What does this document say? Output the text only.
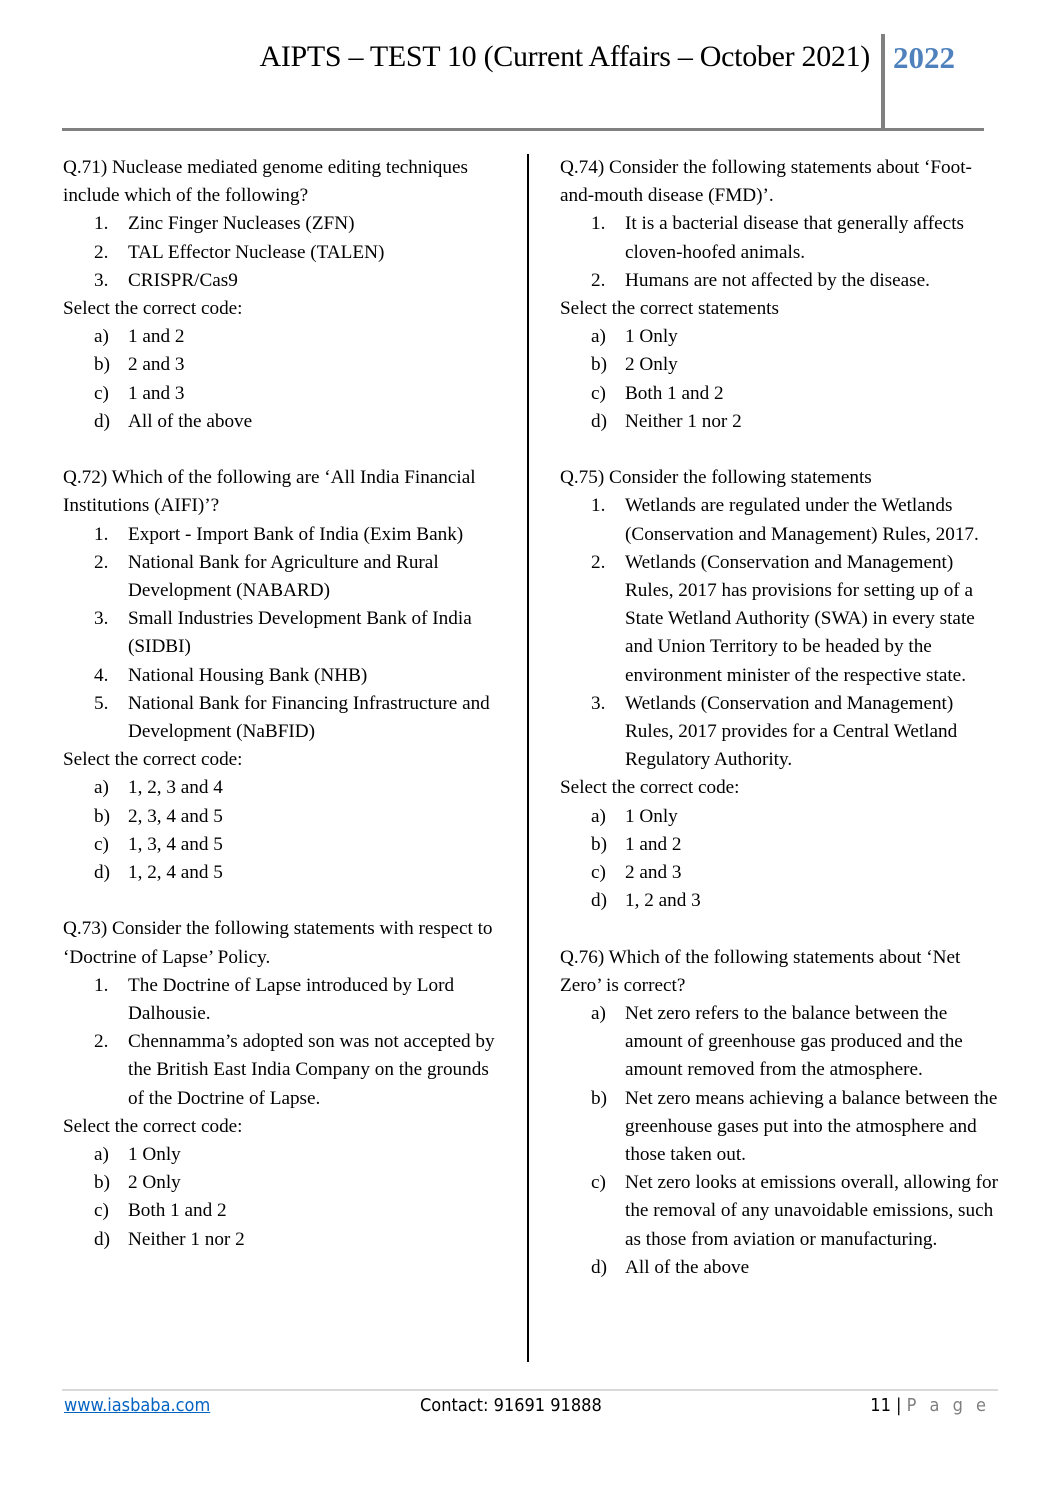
AIPTS – TEST 10 (Current Affairs – October 2021) 2022
Q.71) Nuclease mediated genome editing techniques include which of the following?
1.	Zinc Finger Nucleases (ZFN)
2.	TAL Effector Nuclease (TALEN)
3.	CRISPR/Cas9
Select the correct code:
a) 1 and 2
b) 2 and 3
c) 1 and 3
d) All of the above
Q.72) Which of the following are ‘All India Financial Institutions (AIFI)’?
1.	Export - Import Bank of India (Exim Bank)
2.	National Bank for Agriculture and Rural Development (NABARD)
3.	Small Industries Development Bank of India (SIDBI)
4.	National Housing Bank (NHB)
5.	National Bank for Financing Infrastructure and Development (NaBFID)
Select the correct code:
a) 1, 2, 3 and 4
b) 2, 3, 4 and 5
c) 1, 3, 4 and 5
d) 1, 2, 4 and 5
Q.73) Consider the following statements with respect to ‘Doctrine of Lapse’ Policy.
1.	The Doctrine of Lapse introduced by Lord Dalhousie.
2.	Chennamma’s adopted son was not accepted by the British East India Company on the grounds of the Doctrine of Lapse.
Select the correct code:
a) 1 Only
b) 2 Only
c) Both 1 and 2
d) Neither 1 nor 2
Q.74) Consider the following statements about ‘Foot-and-mouth disease (FMD)’.
1.	It is a bacterial disease that generally affects cloven-hoofed animals.
2.	Humans are not affected by the disease.
Select the correct statements
a) 1 Only
b) 2 Only
c) Both 1 and 2
d) Neither 1 nor 2
Q.75) Consider the following statements
1.	Wetlands are regulated under the Wetlands (Conservation and Management) Rules, 2017.
2.	Wetlands (Conservation and Management) Rules, 2017 has provisions for setting up of a State Wetland Authority (SWA) in every state and Union Territory to be headed by the environment minister of the respective state.
3.	Wetlands (Conservation and Management) Rules, 2017 provides for a Central Wetland Regulatory Authority.
Select the correct code:
a) 1 Only
b) 1 and 2
c) 2 and 3
d) 1, 2 and 3
Q.76) Which of the following statements about ‘Net Zero’ is correct?
a) Net zero refers to the balance between the amount of greenhouse gas produced and the amount removed from the atmosphere.
b) Net zero means achieving a balance between the greenhouse gases put into the atmosphere and those taken out.
c) Net zero looks at emissions overall, allowing for the removal of any unavoidable emissions, such as those from aviation or manufacturing.
d) All of the above
www.iasbaba.com	Contact: 91691 91888	11 | P a g e
